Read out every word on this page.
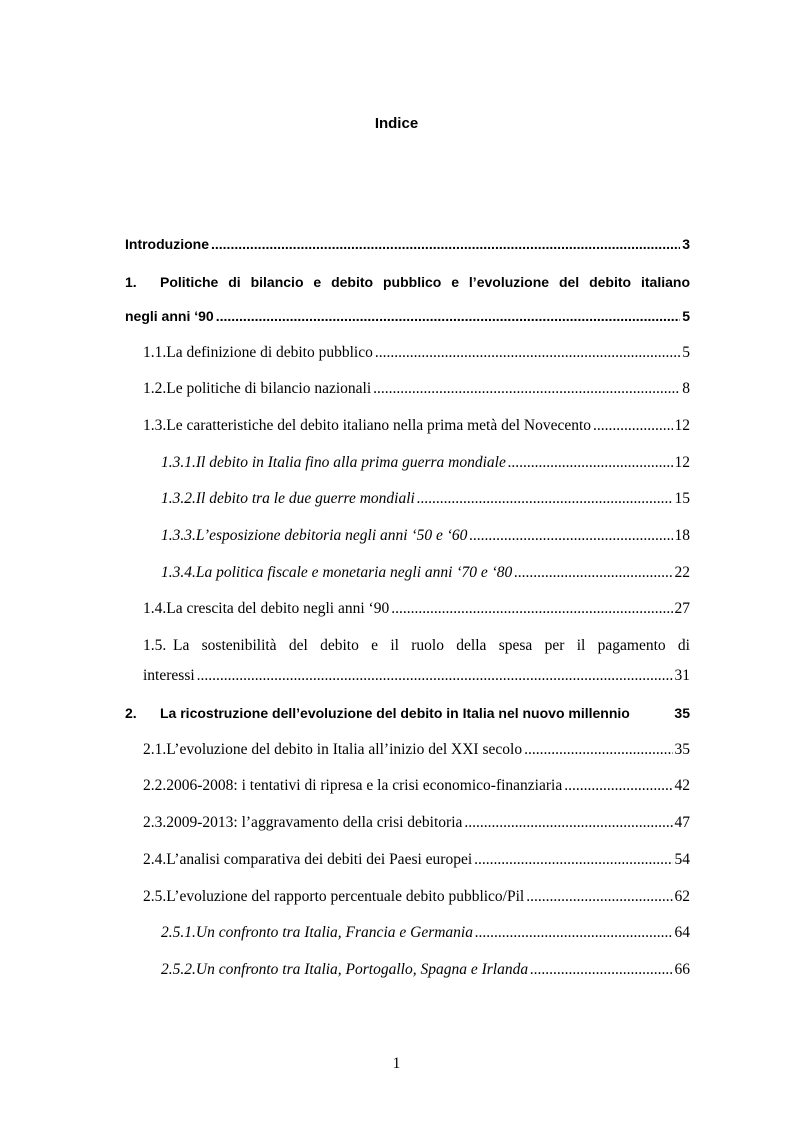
Indice
Introduzione .....	3
1.	Politiche di bilancio e debito pubblico e l’evoluzione del debito italiano
negli anni ‘90 .....	5
1.1. La definizione di debito pubblico .....	5
1.2. Le politiche di bilancio nazionali .....	8
1.3. Le caratteristiche del debito italiano nella prima metà del Novecento .....	12
1.3.1. Il debito in Italia fino alla prima guerra mondiale .....	12
1.3.2. Il debito tra le due guerre mondiali .....	15
1.3.3. L’esposizione debitoria negli anni ‘50 e ‘60 .....	18
1.3.4. La politica fiscale e monetaria negli anni ‘70 e ‘80 .....	22
1.4. La crescita del debito negli anni ‘90 .....	27
1.5. La sostenibilità del debito e il ruolo della spesa per il pagamento di
interessi .....	31
2.	La ricostruzione dell’evoluzione del debito in Italia nel nuovo millennio	35
2.1. L’evoluzione del debito in Italia all’inizio del XXI secolo .....	35
2.2. 2006-2008: i tentativi di ripresa e la crisi economico-finanziaria .....	42
2.3. 2009-2013: l’aggravamento della crisi debitoria .....	47
2.4. L’analisi comparativa dei debiti dei Paesi europei .....	54
2.5. L’evoluzione del rapporto percentuale debito pubblico/Pil .....	62
2.5.1. Un confronto tra Italia, Francia e Germania .....	64
2.5.2. Un confronto tra Italia, Portogallo, Spagna e Irlanda .....	66
1
